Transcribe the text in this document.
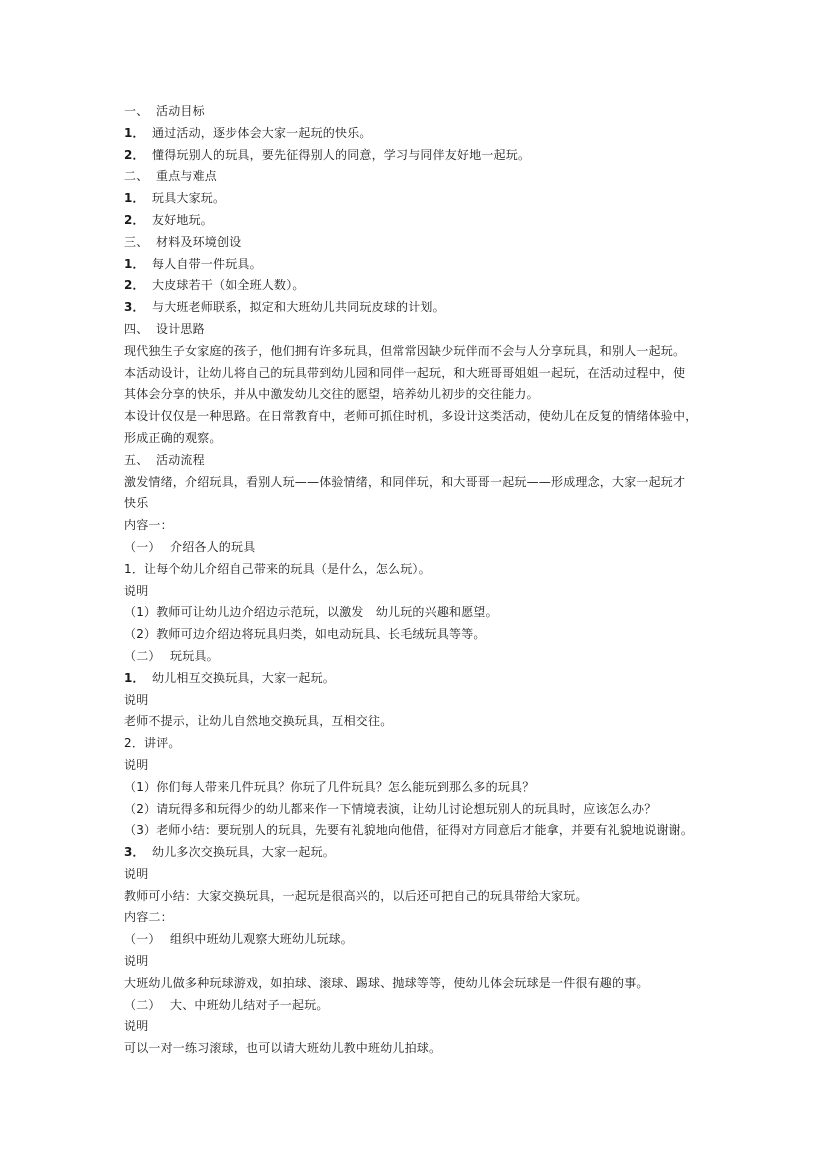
一、 活动目标
1． 通过活动，逐步体会大家一起玩的快乐。
2． 懂得玩别人的玩具，要先征得别人的同意，学习与同伴友好地一起玩。
二、 重点与难点
1． 玩具大家玩。
2． 友好地玩。
三、 材料及环境创设
1． 每人自带一件玩具。
2． 大皮球若干（如全班人数）。
3． 与大班老师联系，拟定和大班幼儿共同玩皮球的计划。
四、 设计思路
现代独生子女家庭的孩子，他们拥有许多玩具，但常常因缺少玩伴而不会与人分享玩具，和别人一起玩。
本活动设计，让幼儿将自己的玩具带到幼儿园和同伴一起玩，和大班哥哥姐姐一起玩，在活动过程中，使
其体会分享的快乐，并从中激发幼儿交往的愿望，培养幼儿初步的交往能力。
本设计仅仅是一种思路。在日常教育中，老师可抓住时机，多设计这类活动，使幼儿在反复的情绪体验中，
形成正确的观察。
五、 活动流程
激发情绪，介绍玩具，看别人玩——体验情绪，和同伴玩，和大哥哥一起玩——形成理念，大家一起玩才
快乐
内容一：
（一） 介绍各人的玩具
1．让每个幼儿介绍自己带来的玩具（是什么，怎么玩）。
说明
（1）教师可让幼儿边介绍边示范玩，以激发　幼儿玩的兴趣和愿望。
（2）教师可边介绍边将玩具归类，如电动玩具、长毛绒玩具等等。
（二） 玩玩具。
1． 幼儿相互交换玩具，大家一起玩。
说明
老师不提示，让幼儿自然地交换玩具，互相交往。
2．讲评。
说明
（1）你们每人带来几件玩具？你玩了几件玩具？怎么能玩到那么多的玩具？
（2）请玩得多和玩得少的幼儿都来作一下情境表演，让幼儿讨论想玩别人的玩具时，应该怎么办？
（3）老师小结：要玩别人的玩具，先要有礼貌地向他借，征得对方同意后才能拿，并要有礼貌地说谢谢。
3． 幼儿多次交换玩具，大家一起玩。
说明
教师可小结：大家交换玩具，一起玩是很高兴的，以后还可把自己的玩具带给大家玩。
内容二：
（一） 组织中班幼儿观察大班幼儿玩球。
说明
大班幼儿做多种玩球游戏，如拍球、滚球、踢球、抛球等等，使幼儿体会玩球是一件很有趣的事。
（二） 大、中班幼儿结对子一起玩。
说明
可以一对一练习滚球，也可以请大班幼儿教中班幼儿拍球。
